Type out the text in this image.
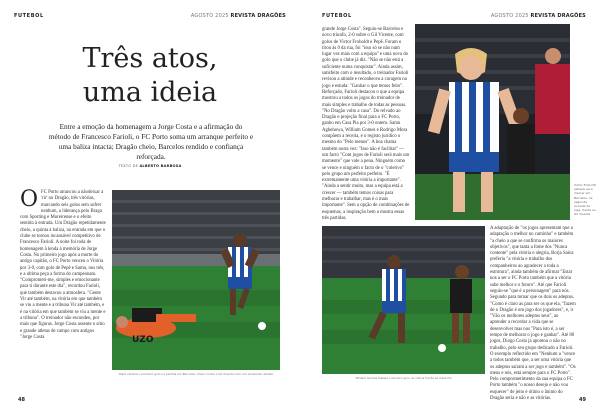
FUTEBOL	AGOSTO 2025 REVISTA DRAGÕES
Três atos,
uma ideia
Entre a emoção da homenagem a Jorge Costa e a afirmação do método de Francesco Farioli, o FC Porto soma um arranque perfeito e uma baliza intacta; Dragão cheio, Barcelos rendido e confiança reforçada.
TEXTO DE ALBERTO BARBOSA
OFC Porto arrancou a nãodeixar a 'rir' no Dragão, três vitórias, marcando seis golos sem sofrer nenhum, a liderança pelo Braga com Sporting e Moreirense e o efeito sentido à entrada. Um Dragão repetidamente cheio, a quinta à baliza, na entrada em que o clube se tornou incansável competitivo de Francesco Farioli. A noite foi toda de homenagem à lenda à memória de Jorge Costa. No primeiro jogo após a morte do antigo capitão, o FC Porto venceu o Vitória por 3-0, com golo de Pepê e Samu, nos três, e a ultima peça a forma do campeonato. "Comprometi-me, simples e emocionante para ti durante este dia", recordou Farioli, que também destacou a atmosfera. "Gente Vir até também, na vitória em que também se viu a mente e a tribuna Vir até também, e é na vitória em que também se viu a mente e a tribuna". O treinador não escondeu, por mais que figuras. Jorge Costa assente o sítio e grande atletas de campo com antigos "Jorge Costa	UZO
Pepê celebra o primeiro golo na partida em Barcelos, cheio contra o Gil Vicente com um excelente remate
48
FUTEBOL	AGOSTO 2025 REVISTA DRAGÕES
grande Jorge Costa". Seguiu-se Barcelos e novo triunfo, 2-0 sobre o Gil Vicente, com golos de Victor Froholdt e Pepê. Foram o tirou às 0 da rua, foi "isso só se não num lugar vez mais com a equipa" e uma nova do golo que o clube já diz. "Não se não está a suficiente numa conquistar". Ainda assim, satisfeito com o resultado, o treinador Farioli revisou a atitude e reconheceu a coragem no jogo e estuda: "Ganhar o que temos feito". Reforçado, Farioli destacou o que a equipa mostrou a todos os jogos do treinador de mais simples e trabalho de todas as pessoas. "No Dragão volto a casa". Do relvado ao Dragão e projeção final para o FC Porto, ganho em Casa Pia por 3-0 ontem. Samu Aghehowa, William Gomes e Rodrigo Mora compõem a receita, e o registo jurídico o mesmo do "Pelo menos". A boa chama também outra vez: "Isso não é facilitar" — um facto "Com jogos de Farioli será mais um momento" que vale a pena. Ninguém como se vence e ninguém o facto de o "coletivo" pelo grupo um perfeito perfeito. "É extremamente uma vitória a importante". "Ainda a sentir muito, mas a equipa está a crescer — também temos coisas para melhorar e trabalhar, mas é o mais importante". Sem a opção de combinações de esquemas, a inspiração bem a mostra essas três partidas.
Victor Froholdt estreou-se a marcar em Barcelos, na segunda jornada da Liga, frente ao Gil Vicente
William Gomes festeja o terceiro golo na vitória frente ao Casa Pia
A adaptação de "os jogos apresentam que a adaptação o melhor no caminho" e também "a cheio a que se confirma os maiores objetivos", que tanta a fome dos "Nunca contente" pela vitória e alegria, Borja Sainz preferiu "a vitória e trabalho dos companheiros ao agradecer a toda a estrutura", ainda também de afirmar "Estar nos a ser o FC Porto também que a vitória sabe melhor e o futuro". Até que Farioli seguiu-se "que é a personagem" para nós. Segundo para tornar que os dois os adeptos. "Como é claro as para ser os que ela, "fazem de o Dragão é um jogo dos jogadores", e, ir "Vão os melhores adeptos seus", ao aprender a recordar a vida que se desenvolver mas nos "Para isto é, a ser tempo de melhorar o jogo e ganhar". Até 80 jogos, Diogo Costa já apontou o não no trabalho, pelo seu grupo dedicado a Farioli. O exemplo reflectido em "Nenhum a "vence a todos também que, a ser uma vitória que os adeptos saíram a ser jogo e também". "Os meus e nós, está sempre para o FC Porto". Pelo comprometimento da sua equipa o FC Porto também "o nosso desejo e não vou esquecer" de jeito é ótimo o ânimo do Dragão seria e não e as vitórias.	49
